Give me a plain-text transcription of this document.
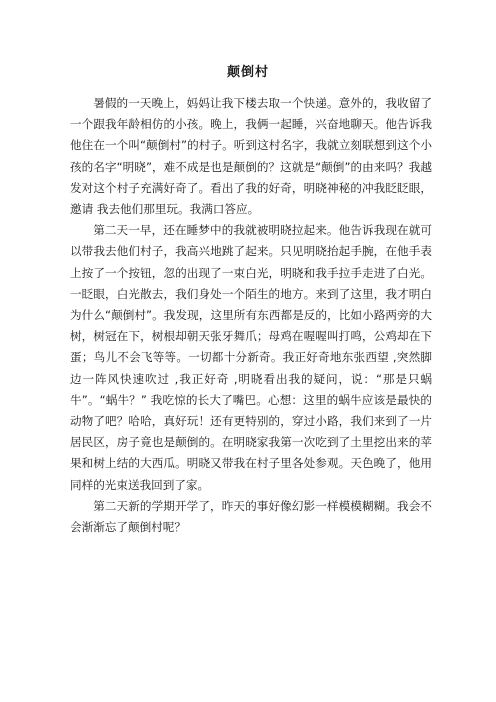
颠倒村

暑假的一天晚上，妈妈让我下楼去取一个快递。意外的，我收留了一个跟我年龄相仿的小孩。晚上，我俩一起睡，兴奋地聊天。他告诉我他住在一个叫“颠倒村”的村子。听到这村名字，我就立刻联想到这个小孩的名字“明晓”，难不成是也是颠倒的？这就是“颠倒”的由来吗？我越发对这个村子充满好奇了。看出了我的好奇，明晓神秘的冲我眨眨眼，邀请 我去他们那里玩。我满口答应。

第二天一早，还在睡梦中的我就被明晓拉起来。他告诉我现在就可以带我去他们村子，我高兴地跳了起来。只见明晓抬起手腕，在他手表上按了一个按钮，忽的出现了一束白光，明晓和我手拉手走进了白光。一眨眼，白光散去，我们身处一个陌生的地方。来到了这里，我才明白为什么“颠倒村”。我发现，这里所有东西都是反的，比如小路两旁的大树，树冠在下，树根却朝天张牙舞爪；母鸡在喔喔叫打鸣，公鸡却在下蛋；鸟儿不会飞等等。一切都十分新奇。我正好奇地东张西望 ,突然脚边一阵风快速吹过 ,我正好奇 ,明晓看出我的疑问，说：“那是只蜗牛”。“蜗牛？” 我吃惊的长大了嘴巴。心想：这里的蜗牛应该是最快的动物了吧？哈哈，真好玩！还有更特别的，穿过小路，我们来到了一片居民区，房子竟也是颠倒的。在明晓家我第一次吃到了土里挖出来的苹果和树上结的大西瓜。明晓又带我在村子里各处参观。天色晚了，他用同样的光束送我回到了家。

第二天新的学期开学了，昨天的事好像幻影一样模模糊糊。我会不会渐渐忘了颠倒村呢？
